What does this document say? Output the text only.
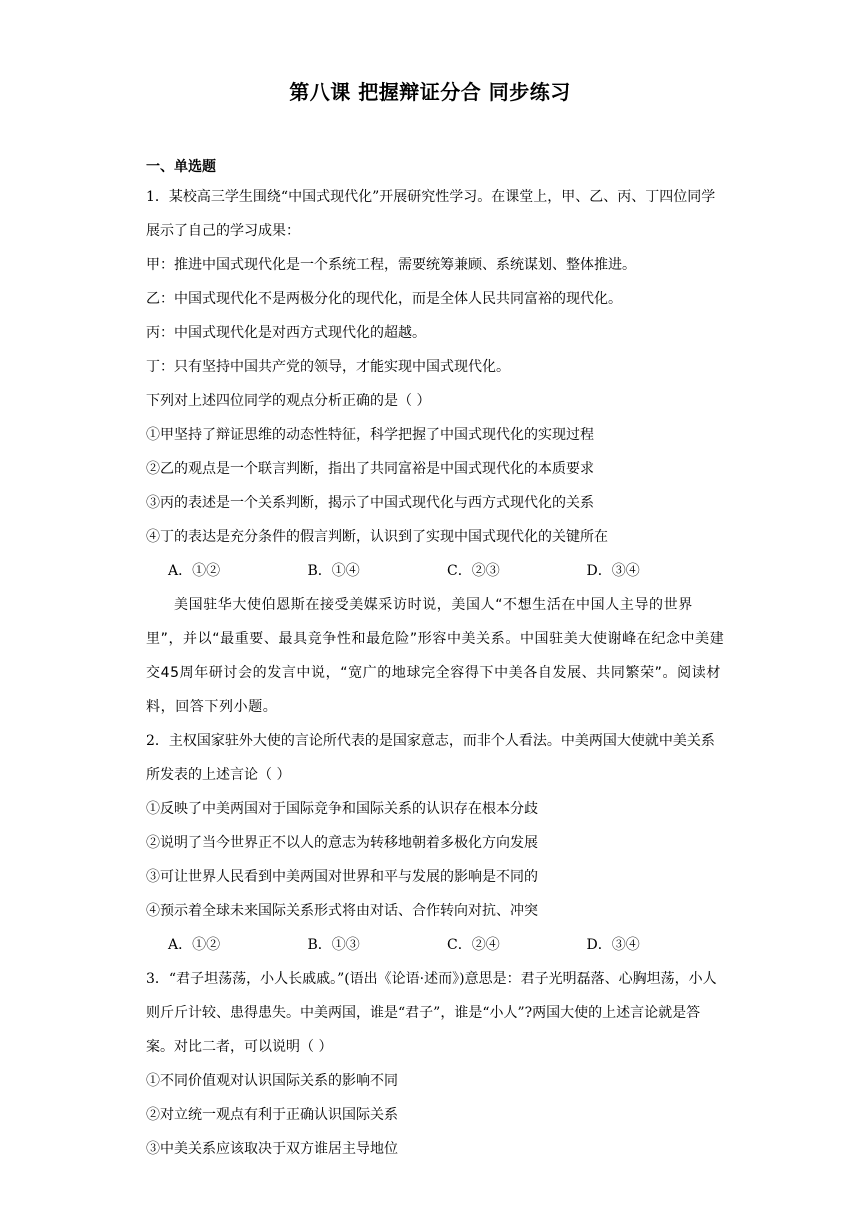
第八课 把握辩证分合 同步练习
一、单选题
1．某校高三学生围绕“中国式现代化”开展研究性学习。在课堂上，甲、乙、丙、丁四位同学展示了自己的学习成果：
甲：推进中国式现代化是一个系统工程，需要统筹兼顾、系统谋划、整体推进。
乙：中国式现代化不是两极分化的现代化，而是全体人民共同富裕的现代化。
丙：中国式现代化是对西方式现代化的超越。
丁：只有坚持中国共产党的领导，才能实现中国式现代化。
下列对上述四位同学的观点分析正确的是（ ）
①甲坚持了辩证思维的动态性特征，科学把握了中国式现代化的实现过程
②乙的观点是一个联言判断，指出了共同富裕是中国式现代化的本质要求
③丙的表述是一个关系判断，揭示了中国式现代化与西方式现代化的关系
④丁的表达是充分条件的假言判断，认识到了实现中国式现代化的关键所在
A．①②	B．①④	C．②③	D．③④
美国驻华大使伯恩斯在接受美媒采访时说，美国人“不想生活在中国人主导的世界里”，并以“最重要、最具竞争性和最危险”形容中美关系。中国驻美大使谢峰在纪念中美建交45周年研讨会的发言中说，“宽广的地球完全容得下中美各自发展、共同繁荣”。阅读材料，回答下列小题。
2．主权国家驻外大使的言论所代表的是国家意志，而非个人看法。中美两国大使就中美关系所发表的上述言论（ ）
①反映了中美两国对于国际竞争和国际关系的认识存在根本分歧
②说明了当今世界正不以人的意志为转移地朝着多极化方向发展
③可让世界人民看到中美两国对世界和平与发展的影响是不同的
④预示着全球未来国际关系形式将由对话、合作转向对抗、冲突
A．①②	B．①③	C．②④	D．③④
3．“君子坦荡荡，小人长戚戚。”(语出《论语·述而》)意思是：君子光明磊落、心胸坦荡，小人则斤斤计较、患得患失。中美两国，谁是“君子”，谁是“小人”?两国大使的上述言论就是答案。对比二者，可以说明（ ）
①不同价值观对认识国际关系的影响不同
②对立统一观点有利于正确认识国际关系
③中美关系应该取决于双方谁居主导地位
